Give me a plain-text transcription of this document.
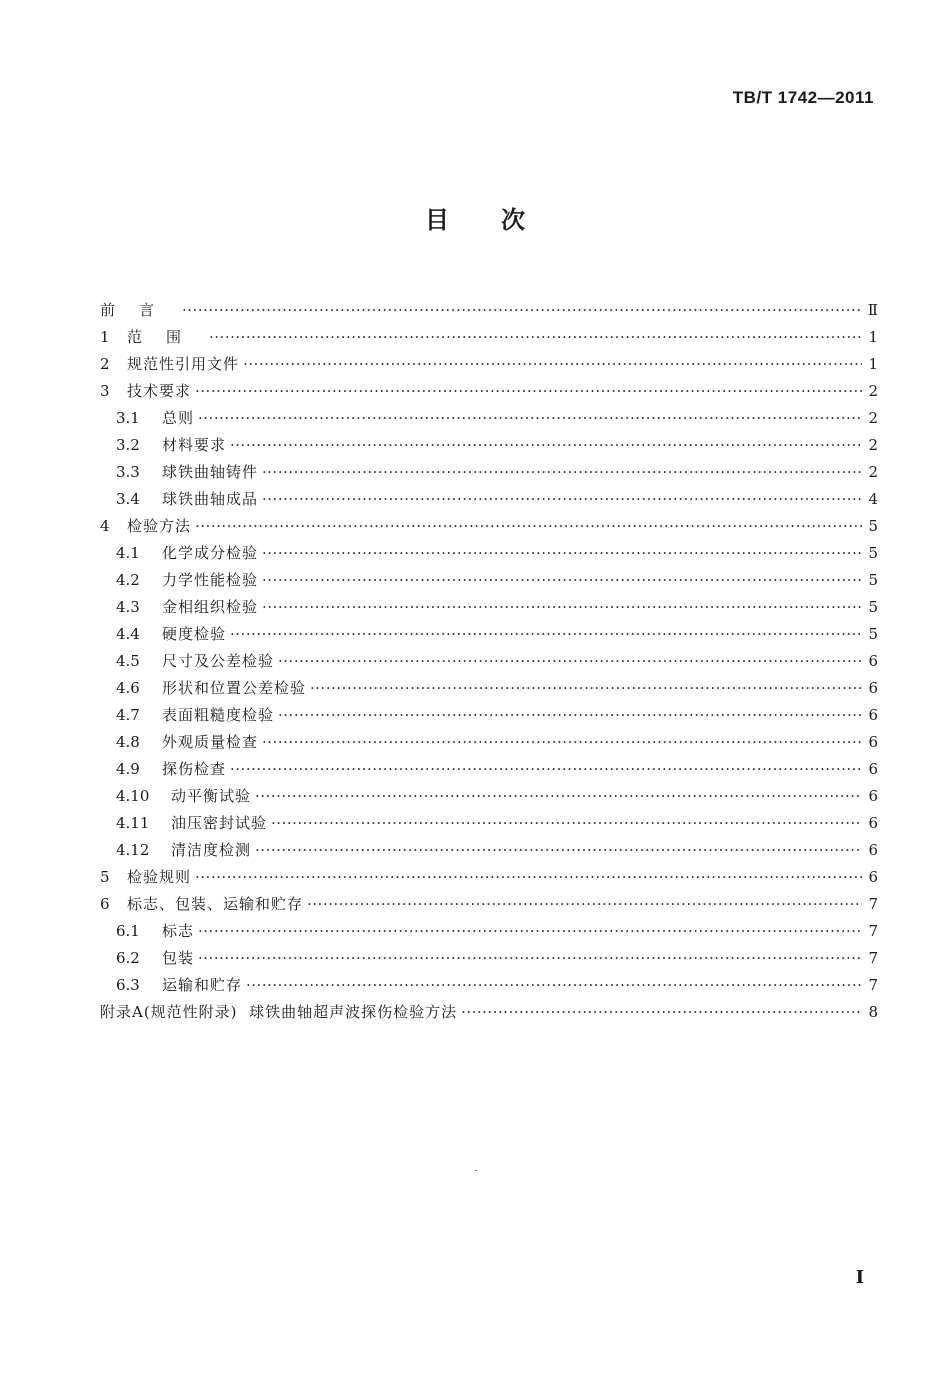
TB/T 1742—2011
目次
前言 ·····	Ⅱ
1	范围 ·····	1
2	规范性引用文件 ·····	1
3	技术要求 ·····	2
3.1	总则 ·····	2
3.2	材料要求 ·····	2
3.3	球铁曲轴铸件 ·····	2
3.4	球铁曲轴成品 ·····	4
4	检验方法 ·····	5
4.1	化学成分检验 ·····	5
4.2	力学性能检验 ·····	5
4.3	金相组织检验 ·····	5
4.4	硬度检验 ·····	5
4.5	尺寸及公差检验 ·····	6
4.6	形状和位置公差检验 ·····	6
4.7	表面粗糙度检验 ·····	6
4.8	外观质量检查 ·····	6
4.9	探伤检查 ·····	6
4.10	动平衡试验 ·····	6
4.11	油压密封试验 ·····	6
4.12	清洁度检测 ·····	6
5	检验规则 ·····	6
6	标志、包装、运输和贮存 ·····	7
6.1	标志 ·····	7
6.2	包装 ·····	7
6.3	运输和贮存 ·····	7
附录A(规范性附录)  球铁曲轴超声波探伤检验方法 ·····	8
Ⅰ
